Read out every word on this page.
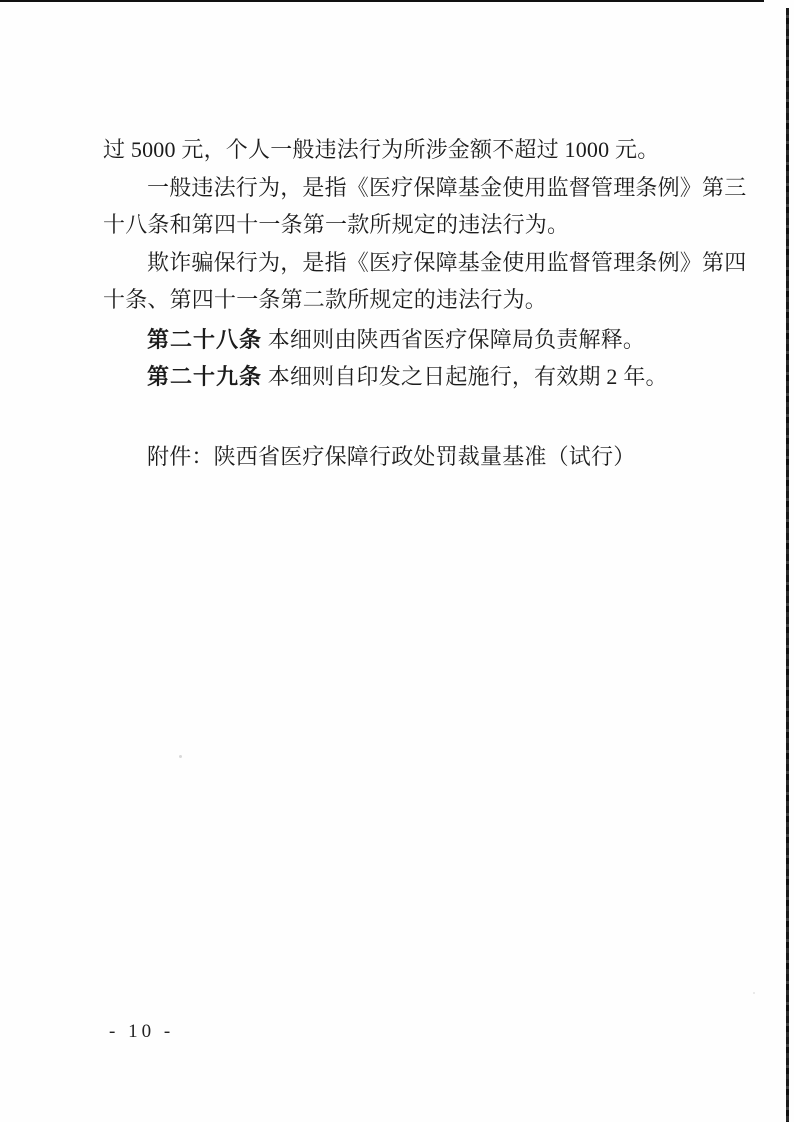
过 5000 元，个人一般违法行为所涉金额不超过 1000 元。
一般违法行为，是指《医疗保障基金使用监督管理条例》第三
十八条和第四十一条第一款所规定的违法行为。
欺诈骗保行为，是指《医疗保障基金使用监督管理条例》第四
十条、第四十一条第二款所规定的违法行为。
第二十八条 本细则由陕西省医疗保障局负责解释。
第二十九条 本细则自印发之日起施行，有效期 2 年。
附件：陕西省医疗保障行政处罚裁量基准（试行）
- 10 -
